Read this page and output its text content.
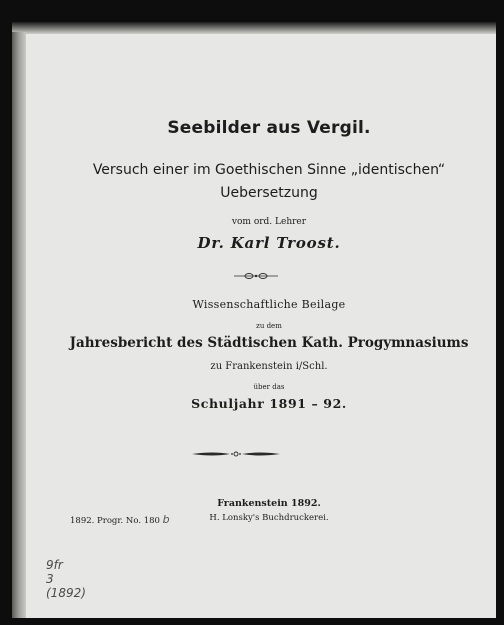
Seebilder aus Vergil.
Versuch einer im Goethischen Sinne „identischen“
Uebersetzung
vom ord. Lehrer
Dr. Karl Troost.
Wissenschaftliche Beilage
zu dem
Jahresbericht des Städtischen Kath. Progymnasiums
zu Frankenstein i/Schl.
über das
Schuljahr 1891 – 92.
Frankenstein 1892.
H. Lonsky's Buchdruckerei.
1892. Progr. No. 180 b
9fr
3
(1892)
